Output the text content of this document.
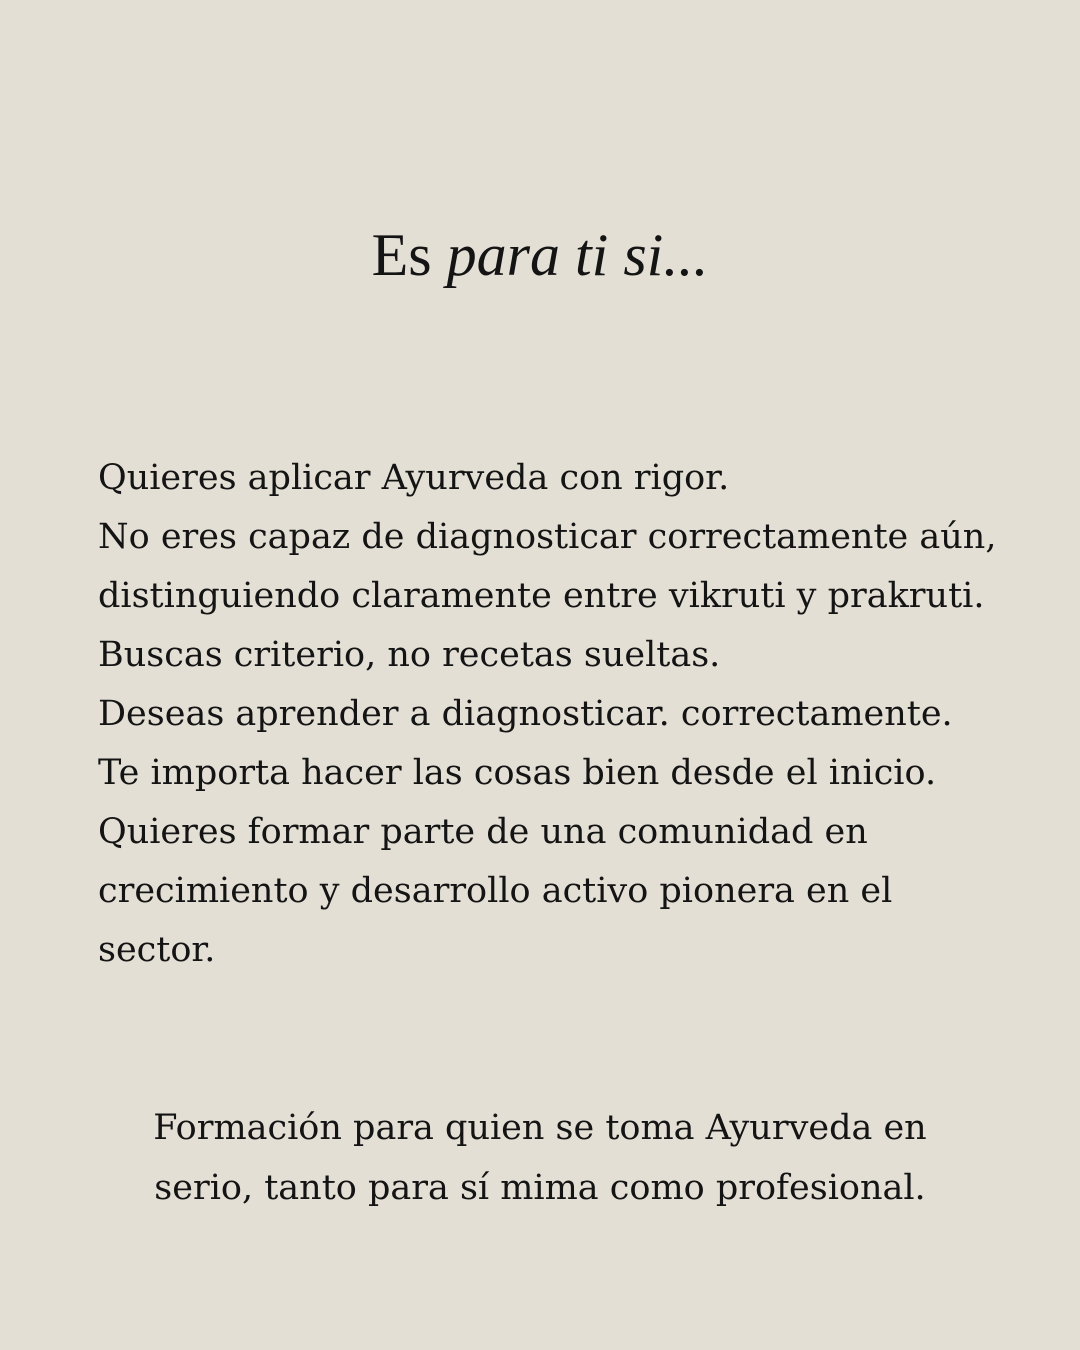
Es para ti si...
Quieres aplicar Ayurveda con rigor.
No eres capaz de diagnosticar correctamente aún, distinguiendo claramente entre vikruti y prakruti.
Buscas criterio, no recetas sueltas.
Deseas aprender a diagnosticar. correctamente.
Te importa hacer las cosas bien desde el inicio.
Quieres formar parte de una comunidad en crecimiento y desarrollo activo pionera en el sector.

Formación para quien se toma Ayurveda en serio, tanto para sí mima como profesional.
